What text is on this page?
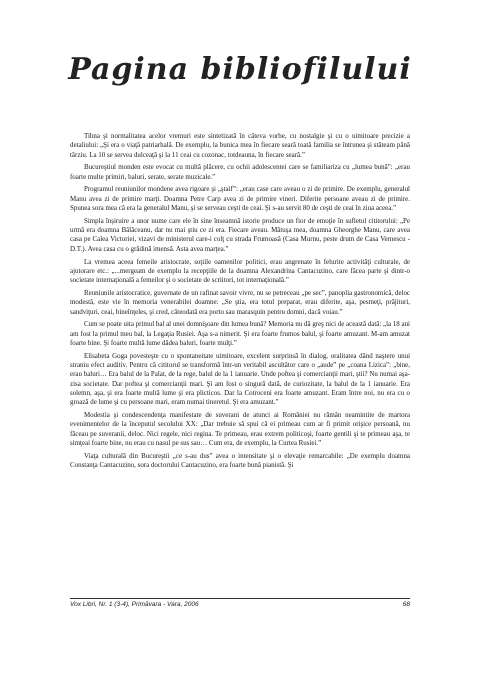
Pagina bibliofilului

Tihna şi normalitatea acelor vremuri este sintetizată în câteva vorbe, cu nostalgie şi cu o uimitoare precizie a detaliului: „Şi era o viaţă patriarhală. De exemplu, la bunica mea în fiecare seară toată familia se întrunea şi stăteam până târziu. La 10 se servea dulceaţă şi la 11 ceai cu cozonac, totdeauna, în fiecare seară.”

Bucureştiul monden este evocat cu multă plăcere, cu ochii adolescentei care se familiariza cu „lumea bună”: „erau foarte multe primiri, baluri, serate, serate muzicale.”

Programul reuniunilor mondene avea rigoare şi „ştaif”: „erau case care aveau o zi de primire. De exemplu, generalul Manu avea zi de primire marţi. Doamna Petre Carp avea zi de primire vineri. Diferite persoane aveau zi de primire. Spunea sora mea că era la generalul Manu, şi se serveau ceşti de ceai. Şi s-au servit 80 de ceşti de ceai în ziua aceea.”

Simpla înşiruire a unor nume care ele în sine înseamnă istorie produce un fior de emoţie în sufletul cititorului: „Pe urmă era doamna Bălăceanu, dar nu mai ştiu ce zi era. Fiecare aveau. Mătuşa mea, doamna Gheorghe Manu, care avea casa pe Calea Victoriei, vizavi de ministerul care-i colţ cu strada Frumoasă (Casa Murnu, peste drum de Casa Vernescu - D.T.). Avea casa cu o grădină imensă. Asta avea marţea.”

La vremea aceea femeile aristocrate, soţiile oamenilor politici, erau angrenate în felurite activităţi culturale, de ajutorare etc.: „...mergeam de exemplu la recepţiile de la doamna Alexandrina Cantacuzino, care făcea parte şi dintr-o societate internaţională a femeilor şi o societate de scriitori, tot internaţională.”

Reuniunile aristocratice, guvernate de un rafinat savoir vivre, nu se petreceau „pe sec”, panoplia gastronomică, deloc modestă, este vie în memoria venerabilei doamne: „Se ştia, era totul preparat, erau diferite, aşa, pesmeţi, prăjituri, sandviţuri, ceai, bineînţeles, şi cred, câteodată era porto sau marasquin pentru domni, dacă voiau.”

Cum se poate uita primul bal al unei domnişoare din lumea bună? Memoria nu dă greş nici de această dată: „la 18 ani am fost la primul meu bal, la Legaţia Rusiei. Aşa s-a nimerit. Şi era foarte frumos balul, şi foarte amuzant. M-am amuzat foarte bine. Şi foarte multă lume dădea baluri, foarte mulţi.”

Elisabeta Goga povesteşte cu o spontaneitate uimitoare, excelent surprinsă în dialog, oralitatea dând naştere unui straniu efect auditiv. Pentru că cititorul se transformă într-un veritabil ascultător care o „aude” pe „coana Lizica”: „bine, erau baluri… Era balul de la Palat, de la rege, balul de la 1 ianuarie. Unde poftea şi comercianţii mari, ştii? Nu numai aşa-zisa societate. Dar poftea şi comercianţii mari. Şi am fost o singură dată, de curiozitate, la balul de la 1 ianuarie. Era solemn, aşa, şi era foarte multă lume şi era plicticos. Dar la Cotroceni era foarte amuzant. Eram între noi, nu era cu o groază de lume şi cu persoane mari, eram numai tineretul. Şi era amuzant.”

Modestia şi condescendenţa manifestate de suverani de atunci ai României nu rămân neamintite de martora evenimentelor de la începutul secolului XX: „Dar trebuie să spui că ei primeau cum ar fi primit orişice persoană, nu făceau pe suveranii, deloc. Nici regele, nici regina. Te primeau, erau extrem politicoşi, foarte gentili şi te primeau aşa, te simţeai foarte bine, nu erau cu nasul pe sus sau… Cum era, de exemplu, la Curtea Rusiei.”

Viaţa culturală din Bucureştii „ce s-au dus” avea o intensitate şi o elevaţie remarcabile: „De exemplu doamna Constanţa Cantacuzino, sora doctorului Cantacuzino, era foarte bună pianistă. Şi

Vox Libri, Nr. 1 (3-4), Primăvara - Vara, 2006	68
